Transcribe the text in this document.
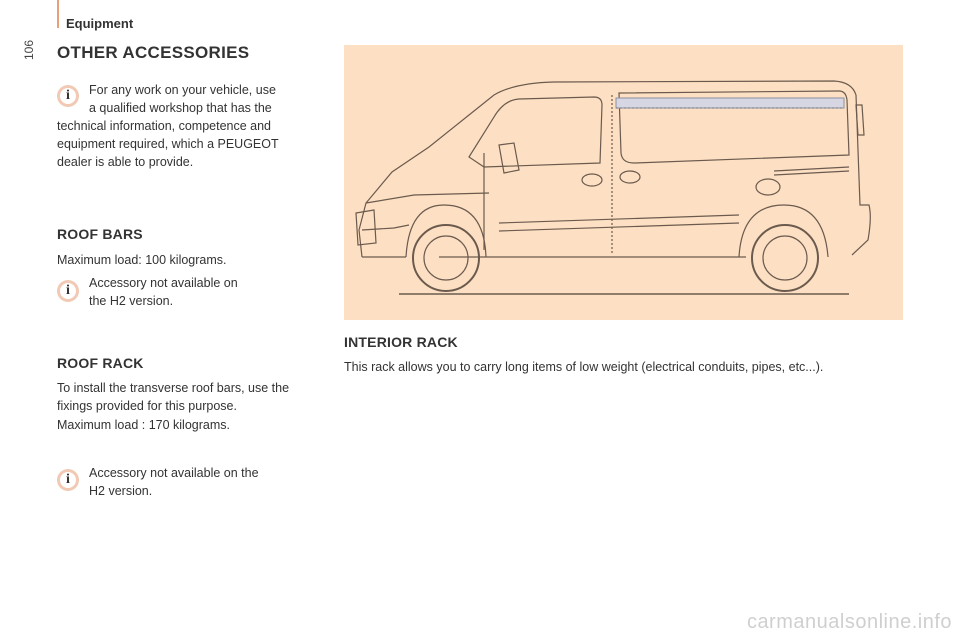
106
Equipment
OTHER ACCESSORIES
i	For any work on your vehicle, use
a qualified workshop that has the
technical information, competence and equipment required, which a PEUGEOT dealer is able to provide.
ROOF BARS
Maximum load: 100 kilograms.
i	Accessory not available on
the H2 version.
ROOF RACK
To install the transverse roof bars, use the fixings provided for this purpose.
Maximum load : 170 kilograms.
i	Accessory not available on the
H2 version.
INTERIOR RACK
This rack allows you to carry long items of low weight (electrical conduits, pipes, etc...).
carmanualsonline.info
